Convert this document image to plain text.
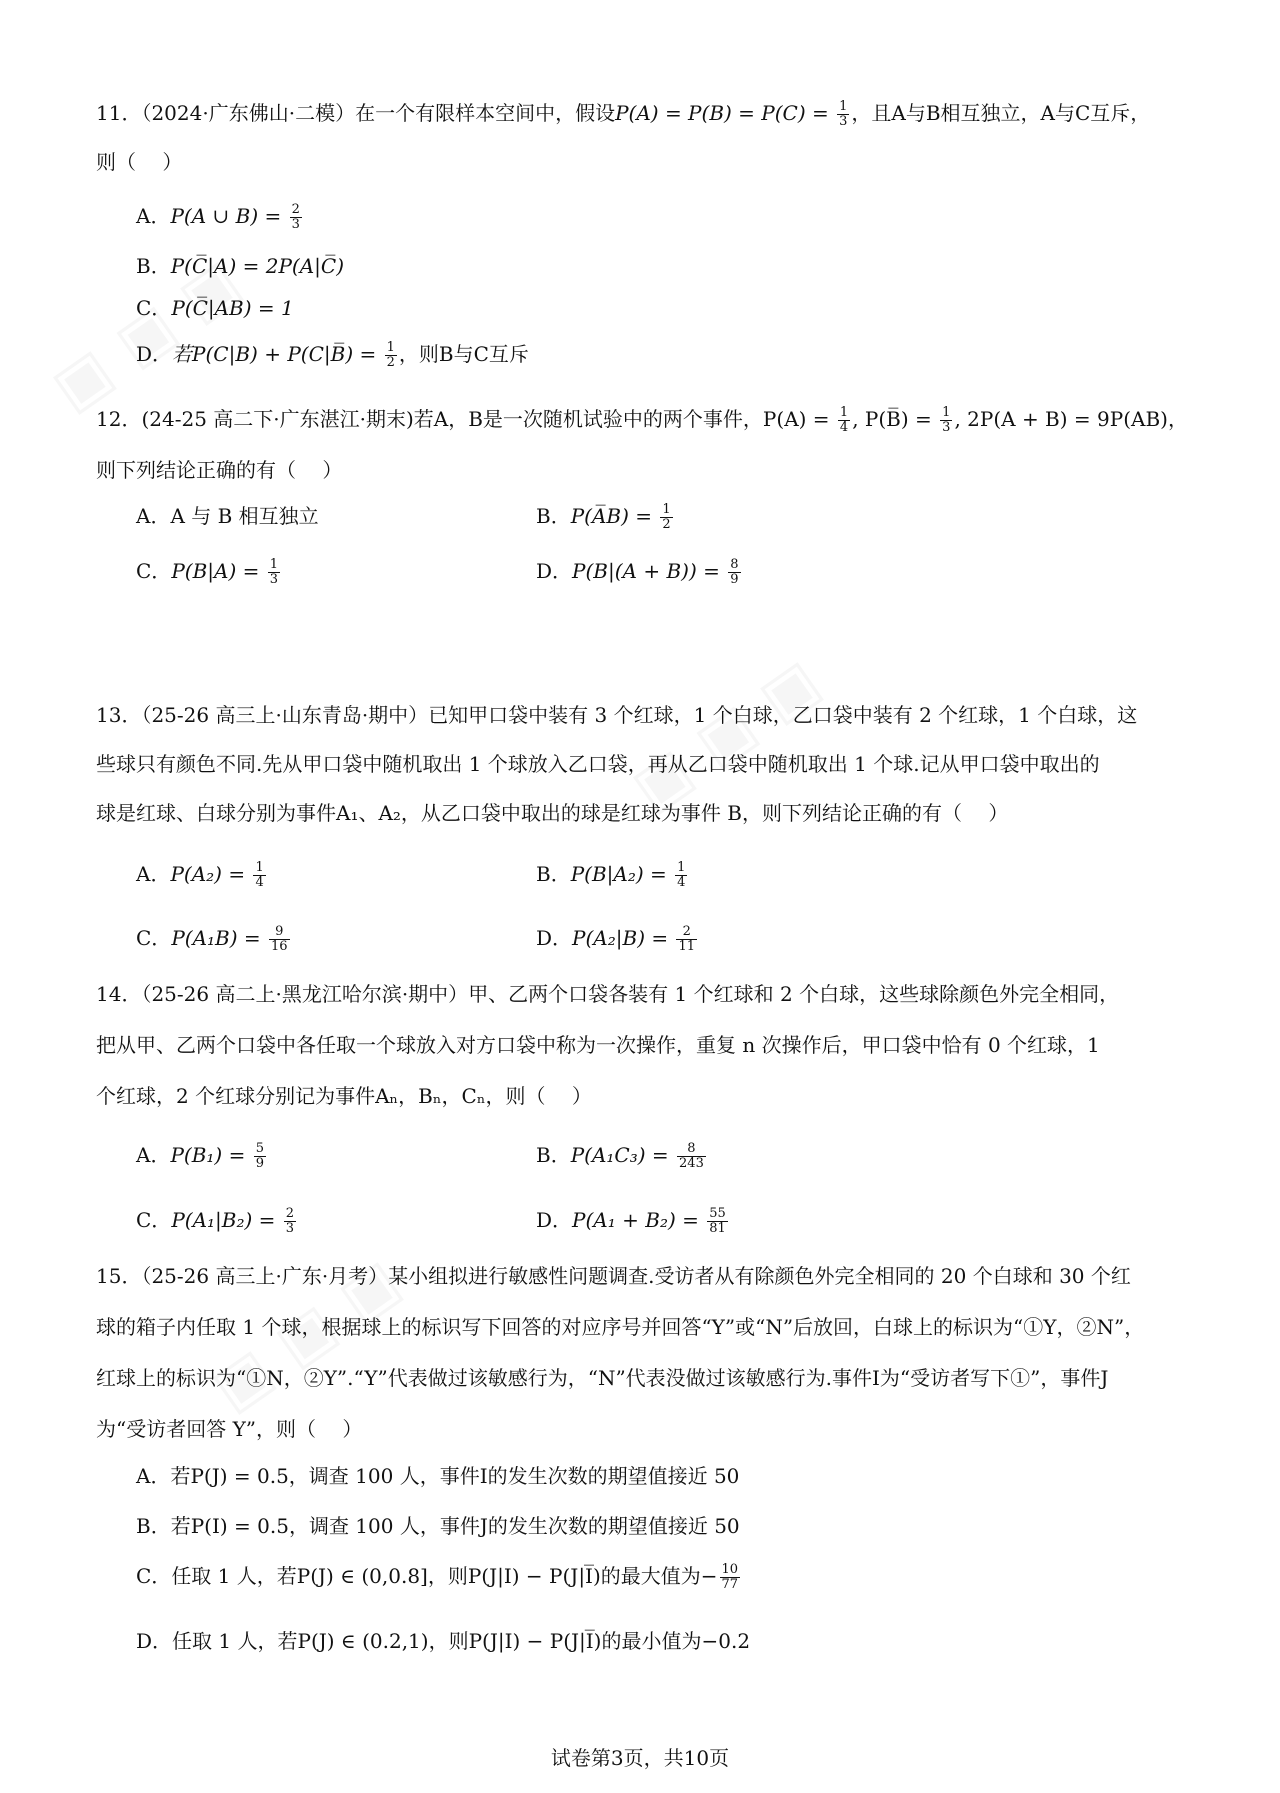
11．（2024·广东佛山·二模）在一个有限样本空间中，假设$P(A) = P(B) = P(C) = \frac{1}{3}$ ，且A与B相互独立，A与C互斥，
则（　 ）
A．P(A ∪ $B) = \frac{2}{3}$
B．P(C̅|A) = 2P(A|C̅)
C．P(C̅|AB) = 1
D．若P(C|B) + P(C|B̅) = $\frac{1}{2}$ ，则B与C互斥
12．(24-25 高二下·广东湛江·期末)若A，B是一次随机试验中的两个事件，$P(A) = \frac{1}{4}$ , P(B̅) = $\frac{1}{3}$ , 2P(A + B) = 9P(AB)，
则下列结论正确的有（　 ）
A．A 与 B 相互独立	B．P(A̅B) = $\frac{1}{2}$
C．$P(B|A) = \frac{1}{3}$	D．$P(B|(A + B)) = \frac{8}{9}$
13．（25-26 高三上·山东青岛·期中）已知甲口袋中装有 3 个红球，1 个白球，乙口袋中装有 2 个红球，1 个白球，这
些球只有颜色不同.先从甲口袋中随机取出 1 个球放入乙口袋，再从乙口袋中随机取出 1 个球.记从甲口袋中取出的
球是红球、白球分别为事件A₁、A₂，从乙口袋中取出的球是红球为事件 B，则下列结论正确的有（　 ）
A．$P(A_2) = \frac{1}{4}$	B．$P(B|A_2) = \frac{1}{4}$
C．$P(A_1B) = \frac{9}{16}$	D．$P(A_2|B) = \frac{2}{11}$
14．（25-26 高二上·黑龙江哈尔滨·期中）甲、乙两个口袋各装有 1 个红球和 2 个白球，这些球除颜色外完全相同，
把从甲、乙两个口袋中各任取一个球放入对方口袋中称为一次操作，重复 n 次操作后，甲口袋中恰有 0 个红球，1
个红球，2 个红球分别记为事件Aₙ，Bₙ，Cₙ，则（　 ）
A．$P(B_1) = \frac{5}{9}$	B．$P(A_1C_3) = \frac{8}{243}$
C．$P(A_1|B_2) = \frac{2}{3}$	D．$P(A_1 + B_2) = \frac{55}{81}$
15．（25-26 高三上·广东·月考）某小组拟进行敏感性问题调查.受访者从有除颜色外完全相同的 20 个白球和 30 个红
球的箱子内任取 1 个球，根据球上的标识写下回答的对应序号并回答“Y”或“N”后放回，白球上的标识为“①Y，②N”，
红球上的标识为“①N，②Y”.“Y”代表做过该敏感行为，“N”代表没做过该敏感行为.事件I为“受访者写下①”，事件J
为“受访者回答 Y”，则（　 ）
A．若P(J) = 0.5，调查 100 人，事件I的发生次数的期望值接近 50
B．若P(I) = 0.5，调查 100 人，事件J的发生次数的期望值接近 50
C．任取 1 人，若P(J) ∈ (0,0.8]，则P(J|I) − P(J|I̅)的最大值为− $\frac{10}{77}$
D．任取 1 人，若P(J) ∈ (0.2,1)，则P(J|I) − P(J|I̅)的最小值为−0.2
试卷第3页，共10页
